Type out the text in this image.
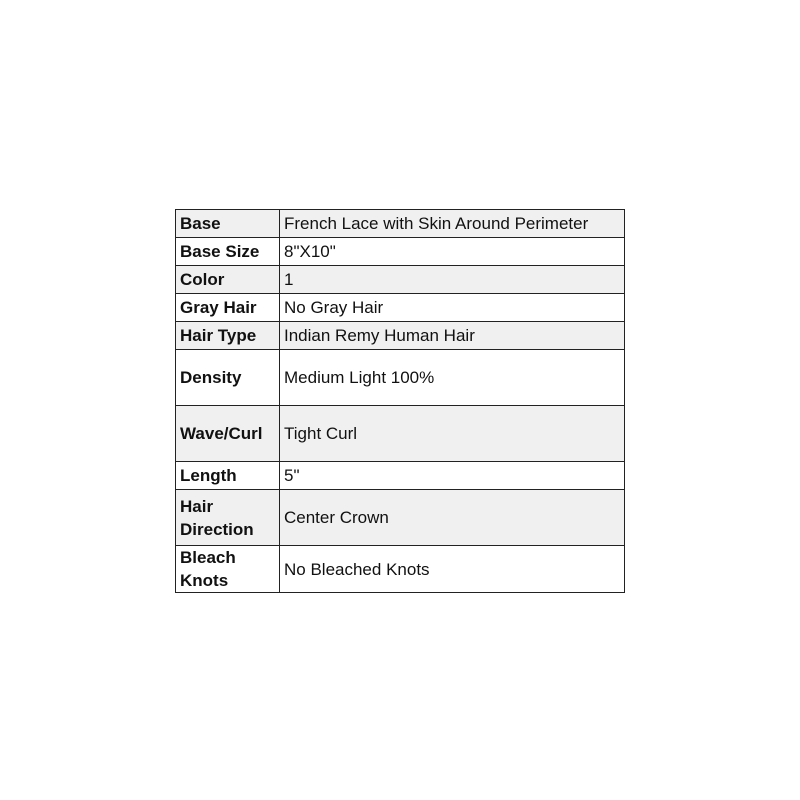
Base	French Lace with Skin Around Perimeter
Base Size	8"X10"
Color	1
Gray Hair	No Gray Hair
Hair Type	Indian Remy Human Hair
Density	Medium Light 100%
Wave/Curl	Tight Curl
Length	5"
Hair Direction	Center Crown
Bleach Knots	No Bleached Knots
